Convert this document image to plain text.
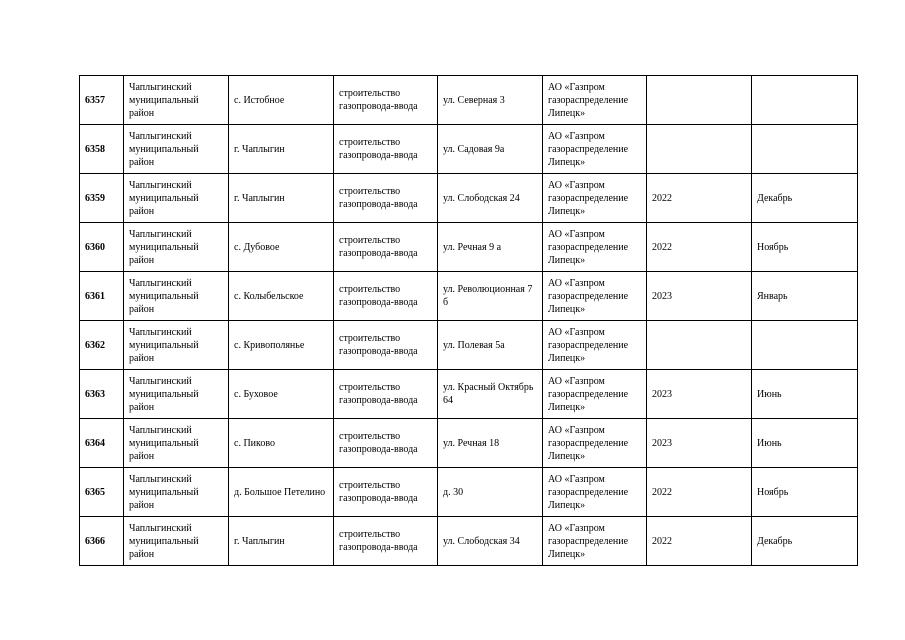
6357	Чаплыгинский муниципальный район	с. Истобное	строительство газопровода-ввода	ул. Северная 3	АО «Газпром газораспределение Липецк»		
6358	Чаплыгинский муниципальный район	г. Чаплыгин	строительство газопровода-ввода	ул. Садовая 9а	АО «Газпром газораспределение Липецк»		
6359	Чаплыгинский муниципальный район	г. Чаплыгин	строительство газопровода-ввода	ул. Слободская 24	АО «Газпром газораспределение Липецк»	2022	Декабрь
6360	Чаплыгинский муниципальный район	с. Дубовое	строительство газопровода-ввода	ул. Речная 9 а	АО «Газпром газораспределение Липецк»	2022	Ноябрь
6361	Чаплыгинский муниципальный район	с. Колыбельское	строительство газопровода-ввода	ул. Революционная 7 б	АО «Газпром газораспределение Липецк»	2023	Январь
6362	Чаплыгинский муниципальный район	с. Кривополянье	строительство газопровода-ввода	ул. Полевая 5а	АО «Газпром газораспределение Липецк»		
6363	Чаплыгинский муниципальный район	с. Буховое	строительство газопровода-ввода	ул. Красный Октябрь 64	АО «Газпром газораспределение Липецк»	2023	Июнь
6364	Чаплыгинский муниципальный район	с. Пиково	строительство газопровода-ввода	ул. Речная 18	АО «Газпром газораспределение Липецк»	2023	Июнь
6365	Чаплыгинский муниципальный район	д. Большое Петелино	строительство газопровода-ввода	д. 30	АО «Газпром газораспределение Липецк»	2022	Ноябрь
6366	Чаплыгинский муниципальный район	г. Чаплыгин	строительство газопровода-ввода	ул. Слободская 34	АО «Газпром газораспределение Липецк»	2022	Декабрь
